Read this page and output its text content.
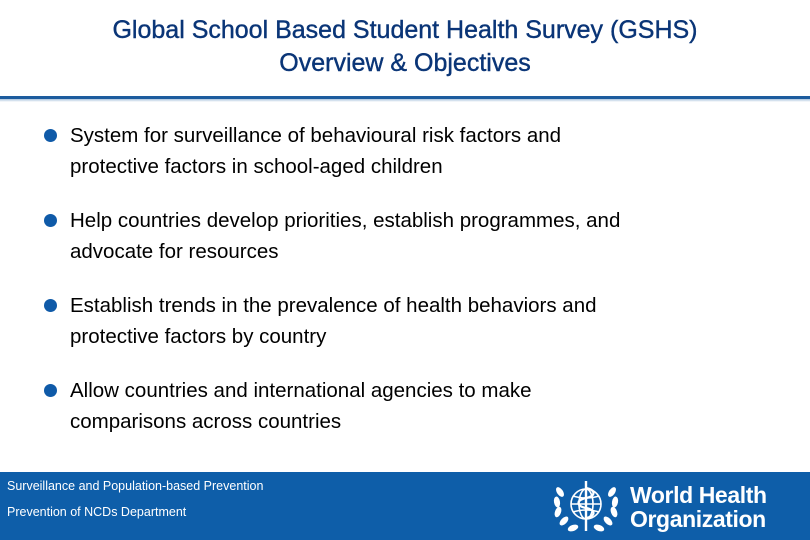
Global School Based Student Health Survey (GSHS)
Overview & Objectives
System for surveillance of behavioural risk factors and
protective factors in school-aged children
Help countries develop priorities, establish programmes, and
advocate for resources
Establish trends in the prevalence of health behaviors and
protective factors by country
Allow countries and international agencies to make
comparisons across countries
Surveillance and Population-based Prevention
Prevention of NCDs Department
World Health
Organization
